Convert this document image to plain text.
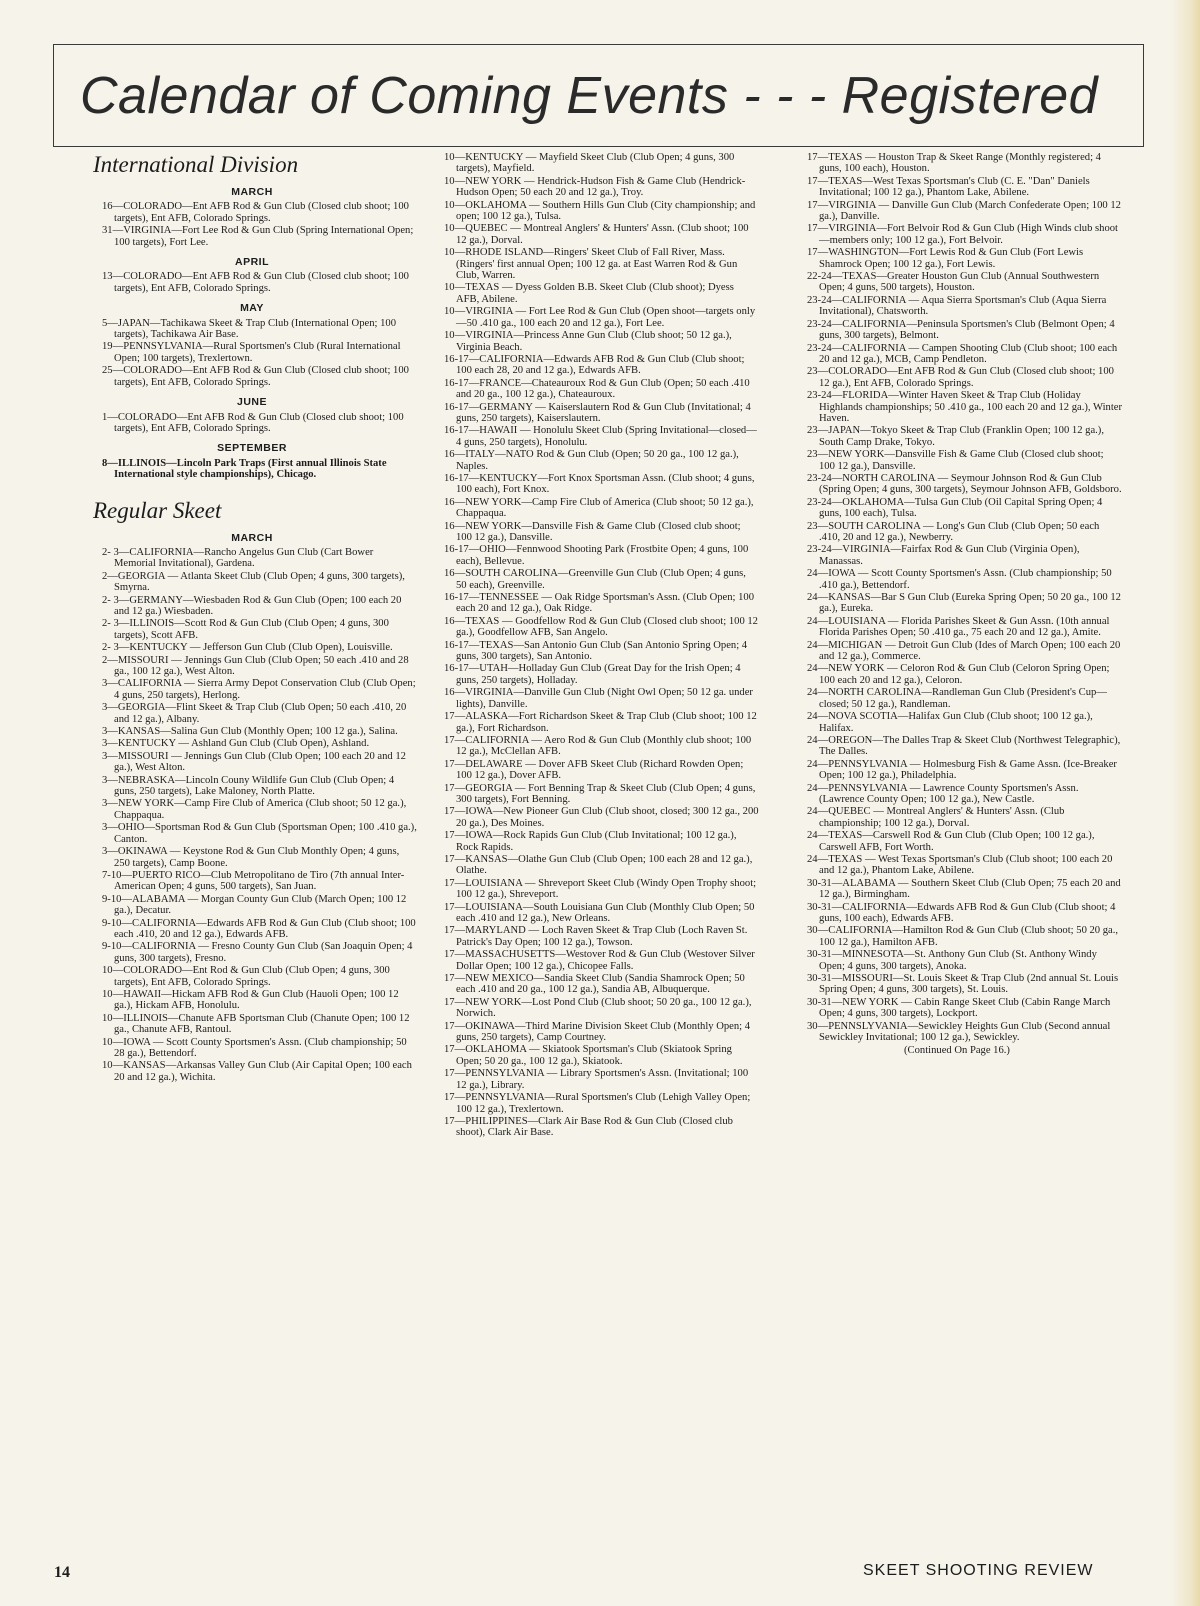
Calendar of Coming Events - - - Registered
International Division
MARCH
16—COLORADO—Ent AFB Rod & Gun Club (Closed club shoot; 100 targets), Ent AFB, Colorado Springs.
31—VIRGINIA—Fort Lee Rod & Gun Club (Spring International Open; 100 targets), Fort Lee.
APRIL
13—COLORADO—Ent AFB Rod & Gun Club (Closed club shoot; 100 targets), Ent AFB, Colorado Springs.
MAY
5—JAPAN—Tachikawa Skeet & Trap Club (International Open; 100 targets), Tachikawa Air Base.
19—PENNSYLVANIA—Rural Sportsmen's Club (Rural International Open; 100 targets), Trexlertown.
25—COLORADO—Ent AFB Rod & Gun Club (Closed club shoot; 100 targets), Ent AFB, Colorado Springs.
JUNE
1—COLORADO—Ent AFB Rod & Gun Club (Closed club shoot; 100 targets), Ent AFB, Colorado Springs.
SEPTEMBER
8—ILLINOIS—Lincoln Park Traps (First annual Illinois State International style championships), Chicago.
Regular Skeet
MARCH
2- 3—CALIFORNIA—Rancho Angelus Gun Club (Cart Bower Memorial Invitational), Gardena.
2—GEORGIA — Atlanta Skeet Club (Club Open; 4 guns, 300 targets), Smyrna.
2- 3—GERMANY—Wiesbaden Rod & Gun Club (Open; 100 each 20 and 12 ga.) Wiesbaden.
2- 3—ILLINOIS—Scott Rod & Gun Club (Club Open; 4 guns, 300 targets), Scott AFB.
2- 3—KENTUCKY — Jefferson Gun Club (Club Open), Louisville.
2—MISSOURI — Jennings Gun Club (Club Open; 50 each .410 and 28 ga., 100 12 ga.), West Alton.
3—CALIFORNIA — Sierra Army Depot Conservation Club (Club Open; 4 guns, 250 targets), Herlong.
3—GEORGIA—Flint Skeet & Trap Club (Club Open; 50 each .410, 20 and 12 ga.), Albany.
3—KANSAS—Salina Gun Club (Monthly Open; 100 12 ga.), Salina.
3—KENTUCKY — Ashland Gun Club (Club Open), Ashland.
3—MISSOURI — Jennings Gun Club (Club Open; 100 each 20 and 12 ga.), West Alton.
3—NEBRASKA—Lincoln Couny Wildlife Gun Club (Club Open; 4 guns, 250 targets), Lake Maloney, North Platte.
3—NEW YORK—Camp Fire Club of America (Club shoot; 50 12 ga.), Chappaqua.
3—OHIO—Sportsman Rod & Gun Club (Sportsman Open; 100 .410 ga.), Canton.
3—OKINAWA — Keystone Rod & Gun Club Monthly Open; 4 guns, 250 targets), Camp Boone.
7-10—PUERTO RICO—Club Metropolitano de Tiro (7th annual Inter-American Open; 4 guns, 500 targets), San Juan.
9-10—ALABAMA — Morgan County Gun Club (March Open; 100 12 ga.), Decatur.
9-10—CALIFORNIA—Edwards AFB Rod & Gun Club (Club shoot; 100 each .410, 20 and 12 ga.), Edwards AFB.
9-10—CALIFORNIA — Fresno County Gun Club (San Joaquin Open; 4 guns, 300 targets), Fresno.
10—COLORADO—Ent Rod & Gun Club (Club Open; 4 guns, 300 targets), Ent AFB, Colorado Springs.
10—HAWAII—Hickam AFB Rod & Gun Club (Hauoli Open; 100 12 ga.), Hickam AFB, Honolulu.
10—ILLINOIS—Chanute AFB Sportsman Club (Chanute Open; 100 12 ga., Chanute AFB, Rantoul.
10—IOWA — Scott County Sportsmen's Assn. (Club championship; 50 28 ga.), Bettendorf.
10—KANSAS—Arkansas Valley Gun Club (Air Capital Open; 100 each 20 and 12 ga.), Wichita.
10—KENTUCKY — Mayfield Skeet Club (Club Open; 4 guns, 300 targets), Mayfield.
10—NEW YORK — Hendrick-Hudson Fish & Game Club (Hendrick-Hudson Open; 50 each 20 and 12 ga.), Troy.
10—OKLAHOMA — Southern Hills Gun Club (City championship; and open; 100 12 ga.), Tulsa.
10—QUEBEC — Montreal Anglers' & Hunters' Assn. (Club shoot; 100 12 ga.), Dorval.
10—RHODE ISLAND—Ringers' Skeet Club of Fall River, Mass. (Ringers' first annual Open; 100 12 ga. at East Warren Rod & Gun Club, Warren.
10—TEXAS — Dyess Golden B.B. Skeet Club (Club shoot); Dyess AFB, Abilene.
10—VIRGINIA — Fort Lee Rod & Gun Club (Open shoot—targets only—50 .410 ga., 100 each 20 and 12 ga.), Fort Lee.
10—VIRGINIA—Princess Anne Gun Club (Club shoot; 50 12 ga.), Virginia Beach.
16-17—CALIFORNIA—Edwards AFB Rod & Gun Club (Club shoot; 100 each 28, 20 and 12 ga.), Edwards AFB.
16-17—FRANCE—Chateauroux Rod & Gun Club (Open; 50 each .410 and 20 ga., 100 12 ga.), Chateauroux.
16-17—GERMANY — Kaiserslautern Rod & Gun Club (Invitational; 4 guns, 250 targets), Kaiserslautern.
16-17—HAWAII — Honolulu Skeet Club (Spring Invitational—closed—4 guns, 250 targets), Honolulu.
16—ITALY—NATO Rod & Gun Club (Open; 50 20 ga., 100 12 ga.), Naples.
16-17—KENTUCKY—Fort Knox Sportsman Assn. (Club shoot; 4 guns, 100 each), Fort Knox.
16—NEW YORK—Camp Fire Club of America (Club shoot; 50 12 ga.), Chappaqua.
16—NEW YORK—Dansville Fish & Game Club (Closed club shoot; 100 12 ga.), Dansville.
16-17—OHIO—Fennwood Shooting Park (Frostbite Open; 4 guns, 100 each), Bellevue.
16—SOUTH CAROLINA—Greenville Gun Club (Club Open; 4 guns, 50 each), Greenville.
16-17—TENNESSEE — Oak Ridge Sportsman's Assn. (Club Open; 100 each 20 and 12 ga.), Oak Ridge.
16—TEXAS — Goodfellow Rod & Gun Club (Closed club shoot; 100 12 ga.), Goodfellow AFB, San Angelo.
16-17—TEXAS—San Antonio Gun Club (San Antonio Spring Open; 4 guns, 300 targets), San Antonio.
16-17—UTAH—Holladay Gun Club (Great Day for the Irish Open; 4 guns, 250 targets), Holladay.
16—VIRGINIA—Danville Gun Club (Night Owl Open; 50 12 ga. under lights), Danville.
17—ALASKA—Fort Richardson Skeet & Trap Club (Club shoot; 100 12 ga.), Fort Richardson.
17—CALIFORNIA — Aero Rod & Gun Club (Monthly club shoot; 100 12 ga.), McClellan AFB.
17—DELAWARE — Dover AFB Skeet Club (Richard Rowden Open; 100 12 ga.), Dover AFB.
17—GEORGIA — Fort Benning Trap & Skeet Club (Club Open; 4 guns, 300 targets), Fort Benning.
17—IOWA—New Pioneer Gun Club (Club shoot, closed; 300 12 ga., 200 20 ga.), Des Moines.
17—IOWA—Rock Rapids Gun Club (Club Invitational; 100 12 ga.), Rock Rapids.
17—KANSAS—Olathe Gun Club (Club Open; 100 each 28 and 12 ga.), Olathe.
17—LOUISIANA — Shreveport Skeet Club (Windy Open Trophy shoot; 100 12 ga.), Shreveport.
17—LOUISIANA—South Louisiana Gun Club (Monthly Club Open; 50 each .410 and 12 ga.), New Orleans.
17—MARYLAND — Loch Raven Skeet & Trap Club (Loch Raven St. Patrick's Day Open; 100 12 ga.), Towson.
17—MASSACHUSETTS—Westover Rod & Gun Club (Westover Silver Dollar Open; 100 12 ga.), Chicopee Falls.
17—NEW MEXICO—Sandia Skeet Club (Sandia Shamrock Open; 50 each .410 and 20 ga., 100 12 ga.), Sandia AB, Albuquerque.
17—NEW YORK—Lost Pond Club (Club shoot; 50 20 ga., 100 12 ga.), Norwich.
17—OKINAWA—Third Marine Division Skeet Club (Monthly Open; 4 guns, 250 targets), Camp Courtney.
17—OKLAHOMA — Skiatook Sportsman's Club (Skiatook Spring Open; 50 20 ga., 100 12 ga.), Skiatook.
17—PENNSYLVANIA — Library Sportsmen's Assn. (Invitational; 100 12 ga.), Library.
17—PENNSYLVANIA—Rural Sportsmen's Club (Lehigh Valley Open; 100 12 ga.), Trexlertown.
17—PHILIPPINES—Clark Air Base Rod & Gun Club (Closed club shoot), Clark Air Base.
17—TEXAS — Houston Trap & Skeet Range (Monthly registered; 4 guns, 100 each), Houston.
17—TEXAS—West Texas Sportsman's Club (C. E. "Dan" Daniels Invitational; 100 12 ga.), Phantom Lake, Abilene.
17—VIRGINIA — Danville Gun Club (March Confederate Open; 100 12 ga.), Danville.
17—VIRGINIA—Fort Belvoir Rod & Gun Club (High Winds club shoot—members only; 100 12 ga.), Fort Belvoir.
17—WASHINGTON—Fort Lewis Rod & Gun Club (Fort Lewis Shamrock Open; 100 12 ga.), Fort Lewis.
22-24—TEXAS—Greater Houston Gun Club (Annual Southwestern Open; 4 guns, 500 targets), Houston.
23-24—CALIFORNIA — Aqua Sierra Sportsman's Club (Aqua Sierra Invitational), Chatsworth.
23-24—CALIFORNIA—Peninsula Sportsmen's Club (Belmont Open; 4 guns, 300 targets), Belmont.
23-24—CALIFORNIA — Campen Shooting Club (Club shoot; 100 each 20 and 12 ga.), MCB, Camp Pendleton.
23—COLORADO—Ent AFB Rod & Gun Club (Closed club shoot; 100 12 ga.), Ent AFB, Colorado Springs.
23-24—FLORIDA—Winter Haven Skeet & Trap Club (Holiday Highlands championships; 50 .410 ga., 100 each 20 and 12 ga.), Winter Haven.
23—JAPAN—Tokyo Skeet & Trap Club (Franklin Open; 100 12 ga.), South Camp Drake, Tokyo.
23—NEW YORK—Dansville Fish & Game Club (Closed club shoot; 100 12 ga.), Dansville.
23-24—NORTH CAROLINA — Seymour Johnson Rod & Gun Club (Spring Open; 4 guns, 300 targets), Seymour Johnson AFB, Goldsboro.
23-24—OKLAHOMA—Tulsa Gun Club (Oil Capital Spring Open; 4 guns, 100 each), Tulsa.
23—SOUTH CAROLINA — Long's Gun Club (Club Open; 50 each .410, 20 and 12 ga.), Newberry.
23-24—VIRGINIA—Fairfax Rod & Gun Club (Virginia Open), Manassas.
24—IOWA — Scott County Sportsmen's Assn. (Club championship; 50 .410 ga.), Bettendorf.
24—KANSAS—Bar S Gun Club (Eureka Spring Open; 50 20 ga., 100 12 ga.), Eureka.
24—LOUISIANA — Florida Parishes Skeet & Gun Assn. (10th annual Florida Parishes Open; 50 .410 ga., 75 each 20 and 12 ga.), Amite.
24—MICHIGAN — Detroit Gun Club (Ides of March Open; 100 each 20 and 12 ga.), Commerce.
24—NEW YORK — Celoron Rod & Gun Club (Celoron Spring Open; 100 each 20 and 12 ga.), Celoron.
24—NORTH CAROLINA—Randleman Gun Club (President's Cup—closed; 50 12 ga.), Randleman.
24—NOVA SCOTIA—Halifax Gun Club (Club shoot; 100 12 ga.), Halifax.
24—OREGON—The Dalles Trap & Skeet Club (Northwest Telegraphic), The Dalles.
24—PENNSYLVANIA — Holmesburg Fish & Game Assn. (Ice-Breaker Open; 100 12 ga.), Philadelphia.
24—PENNSYLVANIA — Lawrence County Sportsmen's Assn. (Lawrence County Open; 100 12 ga.), New Castle.
24—QUEBEC — Montreal Anglers' & Hunters' Assn. (Club championship; 100 12 ga.), Dorval.
24—TEXAS—Carswell Rod & Gun Club (Club Open; 100 12 ga.), Carswell AFB, Fort Worth.
24—TEXAS — West Texas Sportsman's Club (Club shoot; 100 each 20 and 12 ga.), Phantom Lake, Abilene.
30-31—ALABAMA — Southern Skeet Club (Club Open; 75 each 20 and 12 ga.), Birmingham.
30-31—CALIFORNIA—Edwards AFB Rod & Gun Club (Club shoot; 4 guns, 100 each), Edwards AFB.
30—CALIFORNIA—Hamilton Rod & Gun Club (Club shoot; 50 20 ga., 100 12 ga.), Hamilton AFB.
30-31—MINNESOTA—St. Anthony Gun Club (St. Anthony Windy Open; 4 guns, 300 targets), Anoka.
30-31—MISSOURI—St. Louis Skeet & Trap Club (2nd annual St. Louis Spring Open; 4 guns, 300 targets), St. Louis.
30-31—NEW YORK — Cabin Range Skeet Club (Cabin Range March Open; 4 guns, 300 targets), Lockport.
30—PENNSLYVANIA—Sewickley Heights Gun Club (Second annual Sewickley Invitational; 100 12 ga.), Sewickley.
(Continued On Page 16.)
14	SKEET SHOOTING REVIEW
